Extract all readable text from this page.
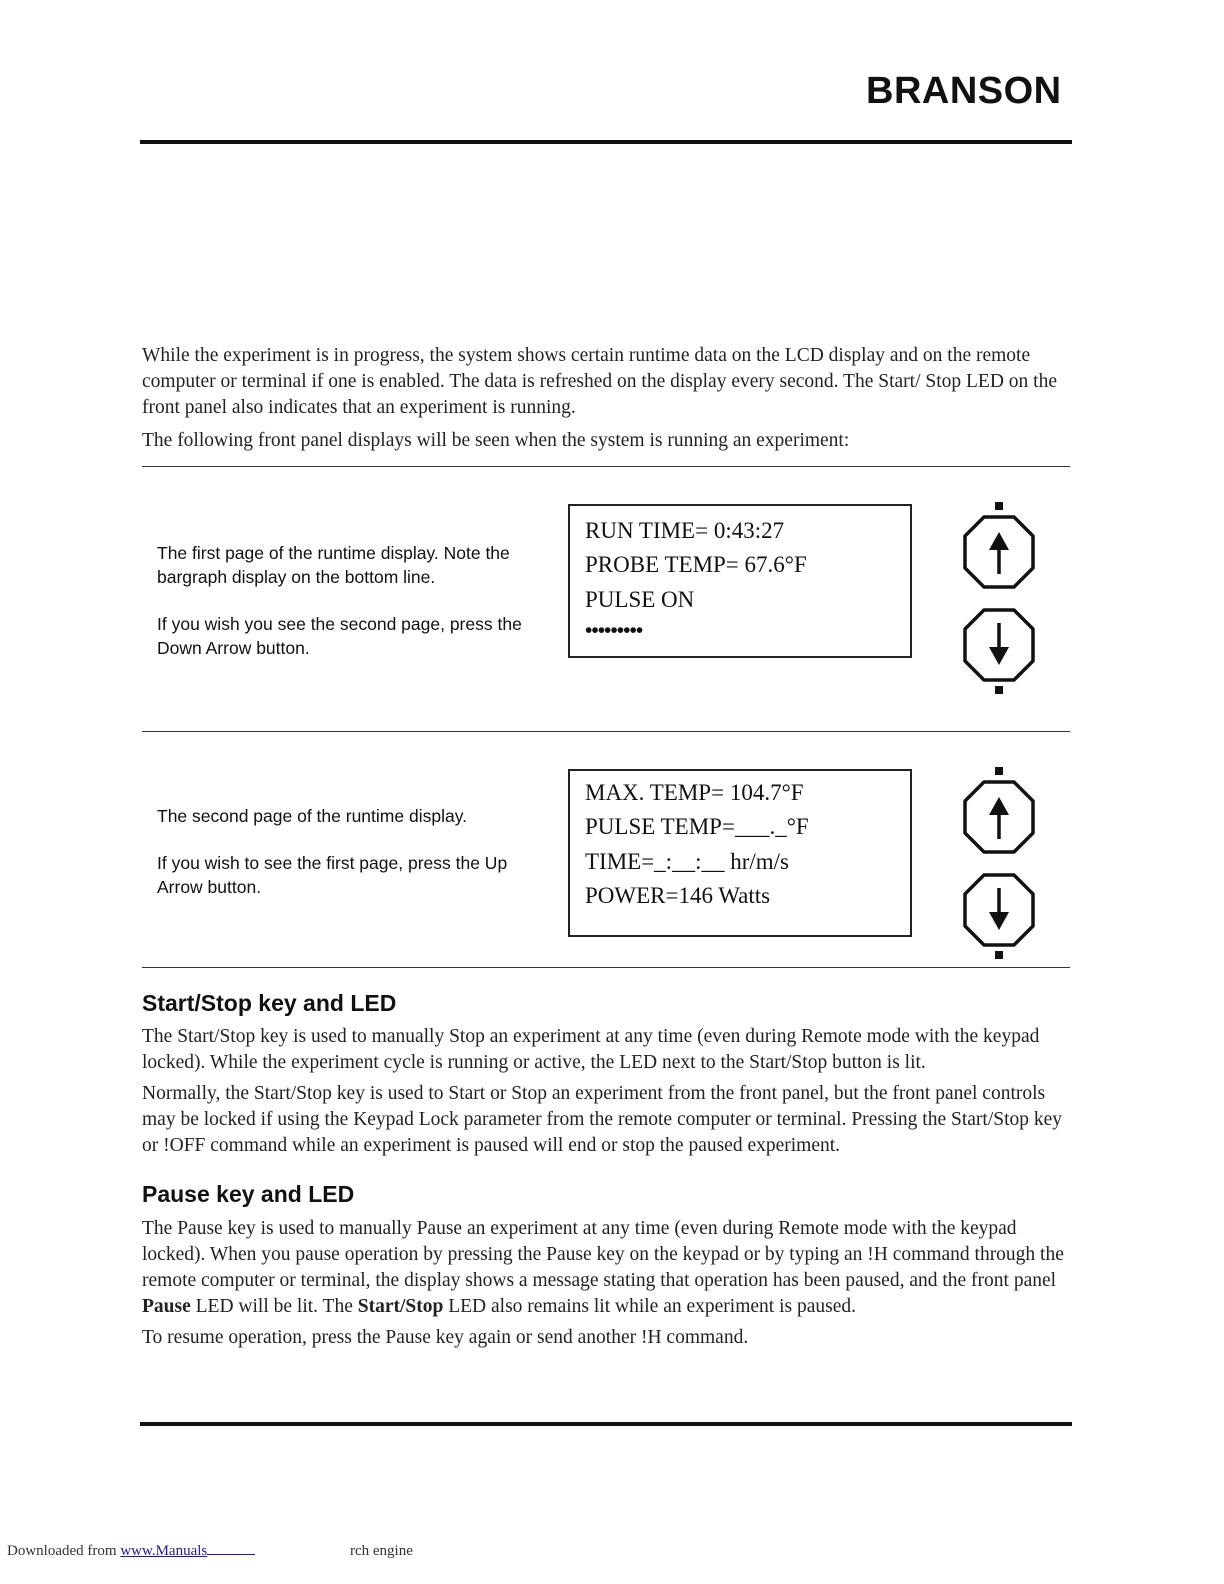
BRANSON

While the experiment is in progress, the system shows certain runtime data on the LCD display and on the remote computer or terminal if one is enabled. The data is refreshed on the display every second. The Start/ Stop LED on the front panel also indicates that an experiment is running.

The following front panel displays will be seen when the system is running an experiment:

The first page of the runtime display. Note the bargraph display on the bottom line.

If you wish you see the second page, press the Down Arrow button.

RUN TIME= 0:43:27

PROBE TEMP= 67.6°F

PULSE ON

•••••••••

The second page of the runtime display.

If you wish to see the first page, press the Up Arrow button.

MAX. TEMP= 104.7°F

PULSE TEMP=___._°F

TIME=_:__:__ hr/m/s

POWER=146 Watts

Start/Stop key and LED

The Start/Stop key is used to manually Stop an experiment at any time (even during Remote mode with the keypad locked). While the experiment cycle is running or active, the LED next to the Start/Stop button is lit.

Normally, the Start/Stop key is used to Start or Stop an experiment from the front panel, but the front panel controls may be locked if using the Keypad Lock parameter from the remote computer or terminal. Pressing the Start/Stop key or !OFF command while an experiment is paused will end or stop the paused experiment.

Pause key and LED

The Pause key is used to manually Pause an experiment at any time (even during Remote mode with the keypad locked). When you pause operation by pressing the Pause key on the keypad or by typing an !H command through the remote computer or terminal, the display shows a message stating that operation has been paused, and the front panel Pause LED will be lit. The Start/Stop LED also remains lit while an experiment is paused.

To resume operation, press the Pause key again or send another !H command.

Downloaded from www.Manuals	rch engine
